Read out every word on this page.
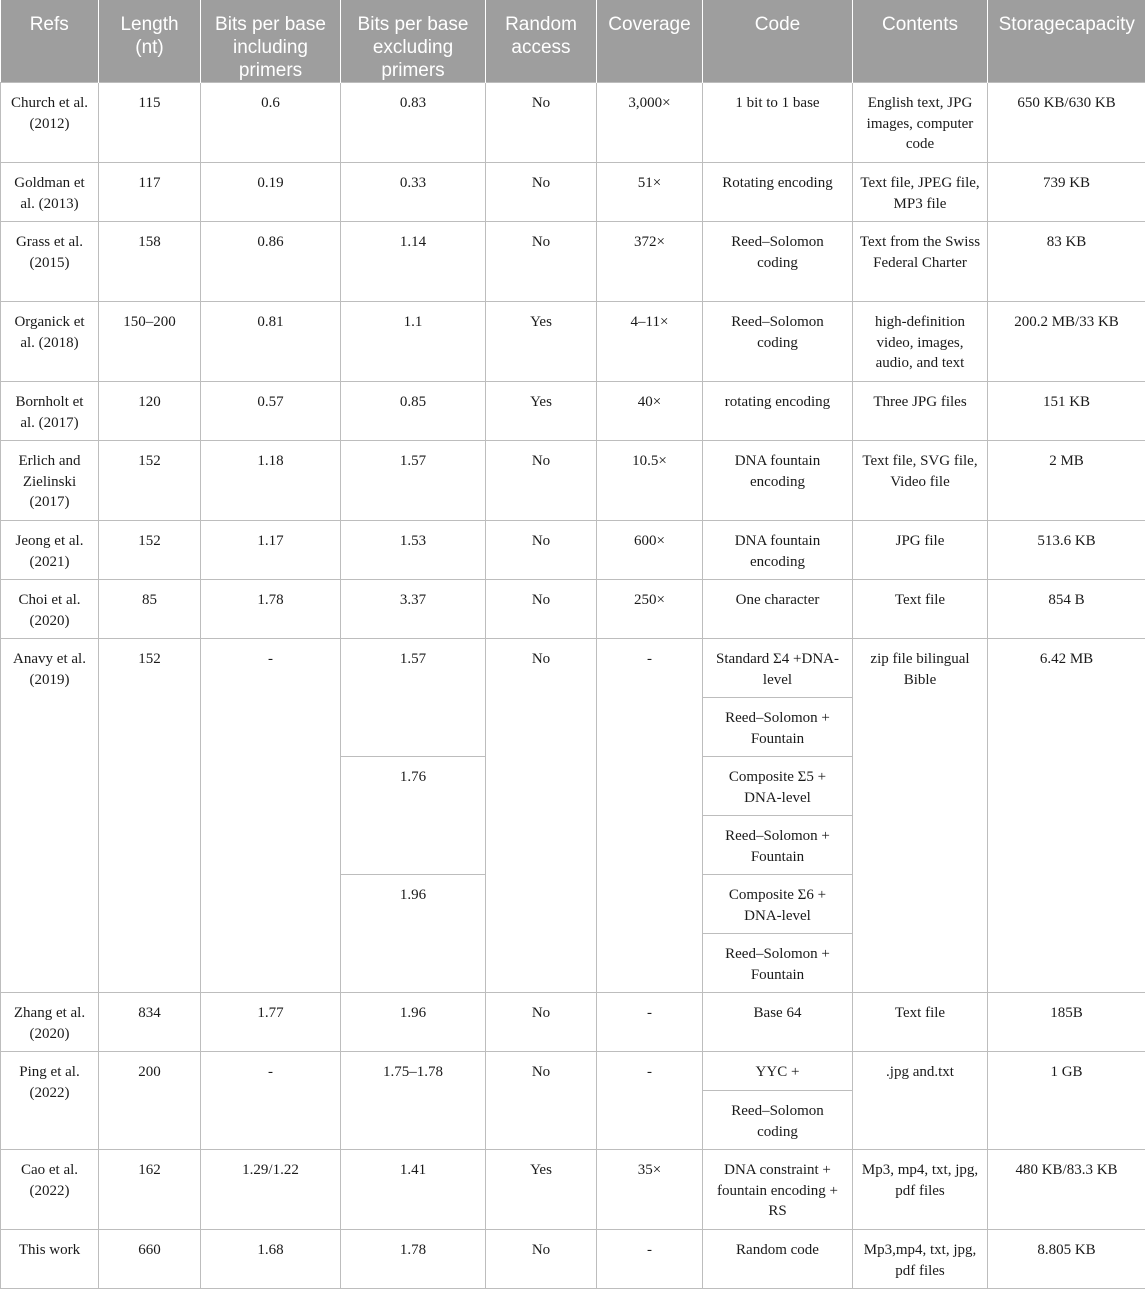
Refs	Length (nt)	Bits per base including primers	Bits per base excluding primers	Random access	Coverage	Code	Contents	Storagecapacity
Church et al. (2012)	115	0.6	0.83	No	3,000×	1 bit to 1 base	English text, JPG images, computer code	650 KB/630 KB
Goldman et al. (2013)	117	0.19	0.33	No	51×	Rotating encoding	Text file, JPEG file, MP3 file	739 KB
Grass et al. (2015)	158	0.86	1.14	No	372×	Reed–Solomon coding	Text from the Swiss Federal Charter	83 KB
Organick et al. (2018)	150–200	0.81	1.1	Yes	4–11×	Reed–Solomon coding	high-definition video, images, audio, and text	200.2 MB/33 KB
Bornholt et al. (2017)	120	0.57	0.85	Yes	40×	rotating encoding	Three JPG files	151 KB
Erlich and Zielinski (2017)	152	1.18	1.57	No	10.5×	DNA fountain encoding	Text file, SVG file, Video file	2 MB
Jeong et al. (2021)	152	1.17	1.53	No	600×	DNA fountain encoding	JPG file	513.6 KB
Choi et al. (2020)	85	1.78	3.37	No	250×	One character	Text file	854 B
Anavy et al. (2019)	152	-	1.57	No	-	Standard Σ4 +DNA-level	zip file bilingual Bible	6.42 MB
						Reed–Solomon + Fountain		
			1.76			Composite Σ5 + DNA-level		
						Reed–Solomon + Fountain		
			1.96			Composite Σ6 + DNA-level		
						Reed–Solomon + Fountain		
Zhang et al. (2020)	834	1.77	1.96	No	-	Base 64	Text file	185B
Ping et al. (2022)	200	-	1.75–1.78	No	-	YYC +	.jpg and.txt	1 GB
						Reed–Solomon coding		
Cao et al. (2022)	162	1.29/1.22	1.41	Yes	35×	DNA constraint + fountain encoding + RS	Mp3, mp4, txt, jpg, pdf files	480 KB/83.3 KB
This work	660	1.68	1.78	No	-	Random code	Mp3,mp4, txt, jpg, pdf files	8.805 KB
